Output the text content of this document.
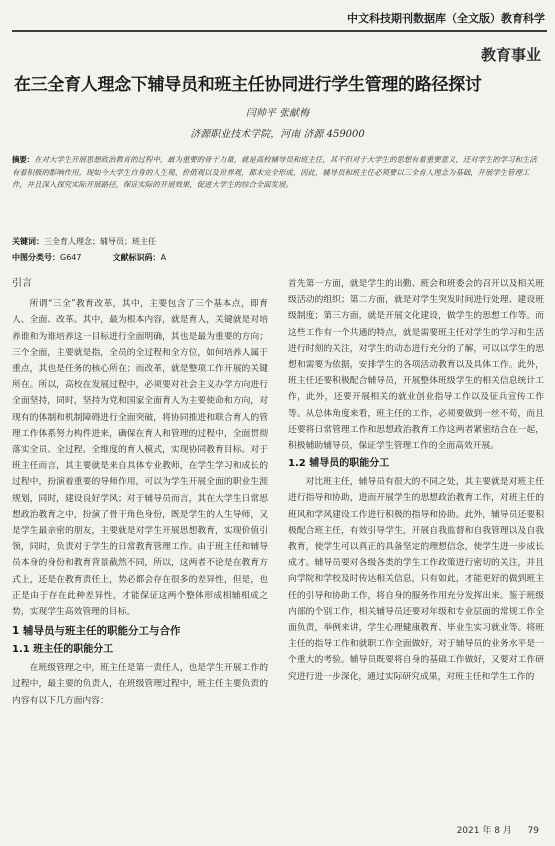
中文科技期刊数据库（全文版）教育科学
教育事业
在三全育人理念下辅导员和班主任协同进行学生管理的路径探讨
闫帅平 张献梅
济源职业技术学院，河南 济源 459000
摘要：在对大学生开展思想政治教育的过程中，最为重要的骨干力量，就是高校辅导员和班主任，其不但对于大学生的思想有着重要意义，还对学生的学习和生活有着积极的影响作用。现如今大学生自身的人生观、价值观以及世界观，都未完全形成，因此，辅导员和班主任必须要以三全育人理念为基础，开展学生管理工作，并且深入探究实际开展路径，保证实际的开展效果，促进大学生的综合全面发展。
关键词：三全育人理念；辅导员；班主任
中图分类号：G647	文献标识码：A
引言

所谓“三全”教育改革，其中，主要包含了三个基本点，即育人、全面、改革。其中，最为根本内容，就是育人，关键就是对培养谁和为谁培养这一目标进行全面明确，其也是最为重要的方向；三个全面，主要就是指，全员的全过程和全方位，如何培养人属于重点，其也是任务的核心所在；而改革，就是整项工作开展的关键所在。所以，高校在发展过程中，必须要对社会主义办学方向进行全面坚持，同时，坚持为党和国家全面育人为主要使命和方向，对现有的体制和机制障碍进行全面突破，将协同推进和联合育人的管理工作体系努力构件进来，确保在育人和管理的过程中，全面贯彻落实全员、全过程、全维度的育人模式，实现协同教育目标。对于班主任而言，其主要就是来自具体专业教师，在学生学习和成长的过程中，扮演着重要的导师作用，可以为学生开展全面的职业生涯规划，同时，建设良好学风；对于辅导员而言，其在大学生日常思想政治教育之中，扮演了骨干角色身份，既是学生的人生导师，又是学生最亲密的朋友，主要就是对学生开展思想教育，实现价值引领，同时，负责对于学生的日常教育管理工作。由于班主任和辅导员本身的身份和教育背景截然不同，所以，这两者不论是在教育方式上，还是在教育责任上，势必都会存在很多的差异性，但是，也正是由于存在此种差异性，才能保证这两个整体形成相辅相成之势，实现学生高效管理的目标。

1 辅导员与班主任的职能分工与合作
1.1 班主任的职能分工

在班级管理之中，班主任是第一责任人，也是学生开展工作的过程中，最主要的负责人，在班级管理过程中，班主任主要负责的内容有以下几方面内容：

首先第一方面，就是学生的出勤、班会和班委会的召开以及相关班级活动的组织；第二方面，就是对学生突发时间进行处理、建设班级制度；第三方面，就是开展文化建设，做学生的思想工作等。而这些工作有一个共通的特点，就是需要班主任对学生的学习和生活进行时刻的关注，对学生的动态进行充分的了解，可以以学生的思想和需要为依据，安排学生的各项活动教育以及具体工作。此外，班主任还要积极配合辅导员，开展整体班级学生的相关信息统计工作，此外，还要开展相关的就业创业指导工作以及征兵宣传工作等。从总体角度来看，班主任的工作，必须要做到一丝不苟，而且还要将日常管理工作和思想政治教育工作这两者紧密结合在一起，积极辅助辅导员，保证学生管理工作的全面高效开展。

1.2 辅导员的职能分工

对比班主任，辅导员有很大的不同之处，其主要就是对班主任进行指导和协助，进而开展学生的思想政治教育工作，对班主任的班风和学风建设工作进行积极的指导和协助。此外，辅导员还要积极配合班主任，有效引导学生，开展自我监督和自我管理以及自我教育，使学生可以真正的具备坚定的理想信念，使学生进一步成长成才。辅导员要对各级各类的学生工作政策进行密切的关注，并且向学院和学校及时传达相关信息，只有如此，才能更好的做到班主任的引导和协助工作，将自身的服务作用充分发挥出来。鉴于班级内部的个别工作，相关辅导员还要对年级和专业层面的常规工作全面负责，举例来讲，学生心理健康教育、毕业生实习就业等。将班主任的指导工作和就职工作全面做好，对于辅导员的业务水平是一个重大的考验。辅导员既要将自身的基础工作做好，又要对工作研究进行进一步深化，通过实际研究成果，对班主任和学生工作的

2021 年 8 月 79
